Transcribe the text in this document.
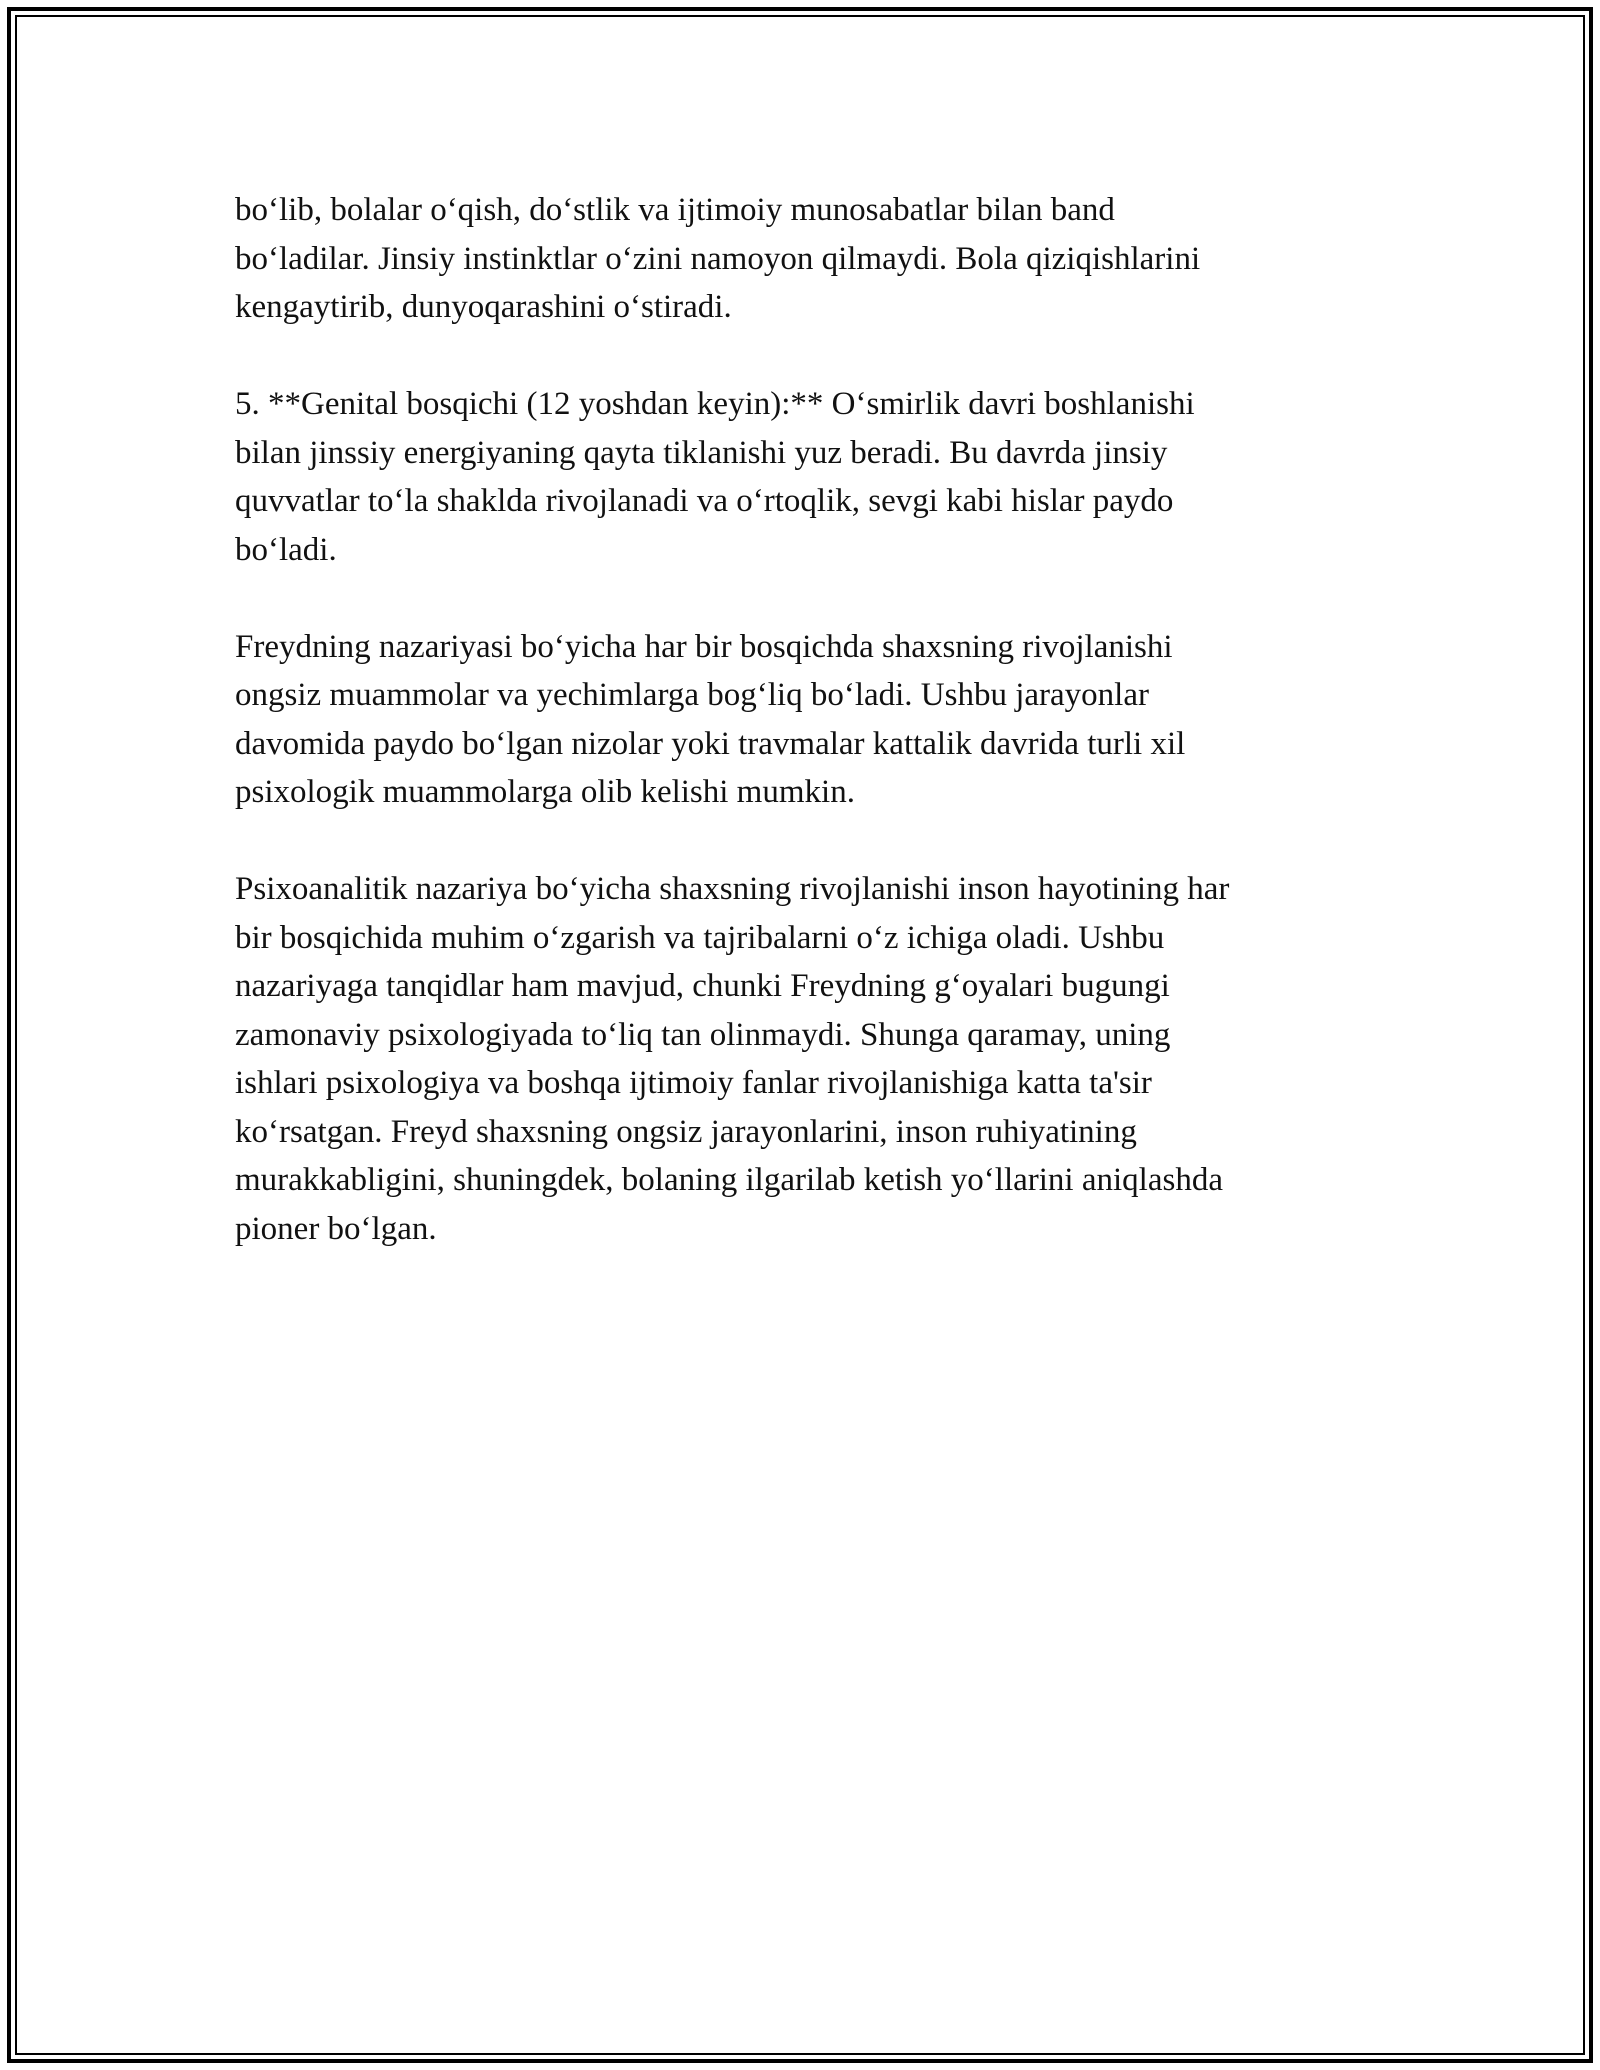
bo‘lib, bolalar o‘qish, do‘stlik va ijtimoiy munosabatlar bilan band
bo‘ladilar. Jinsiy instinktlar o‘zini namoyon qilmaydi. Bola qiziqishlarini
kengaytirib, dunyoqarashini o‘stiradi.

5. **Genital bosqichi (12 yoshdan keyin):** O‘smirlik davri boshlanishi
bilan jinssiy energiyaning qayta tiklanishi yuz beradi. Bu davrda jinsiy
quvvatlar to‘la shaklda rivojlanadi va o‘rtoqlik, sevgi kabi hislar paydo
bo‘ladi.

Freydning nazariyasi bo‘yicha har bir bosqichda shaxsning rivojlanishi
ongsiz muammolar va yechimlarga bog‘liq bo‘ladi. Ushbu jarayonlar
davomida paydo bo‘lgan nizolar yoki travmalar kattalik davrida turli xil
psixologik muammolarga olib kelishi mumkin.

Psixoanalitik nazariya bo‘yicha shaxsning rivojlanishi inson hayotining har
bir bosqichida muhim o‘zgarish va tajribalarni o‘z ichiga oladi. Ushbu
nazariyaga tanqidlar ham mavjud, chunki Freydning g‘oyalari bugungi
zamonaviy psixologiyada to‘liq tan olinmaydi. Shunga qaramay, uning
ishlari psixologiya va boshqa ijtimoiy fanlar rivojlanishiga katta ta'sir
ko‘rsatgan. Freyd shaxsning ongsiz jarayonlarini, inson ruhiyatining
murakkabligini, shuningdek, bolaning ilgarilab ketish yo‘llarini aniqlashda
pioner bo‘lgan.
